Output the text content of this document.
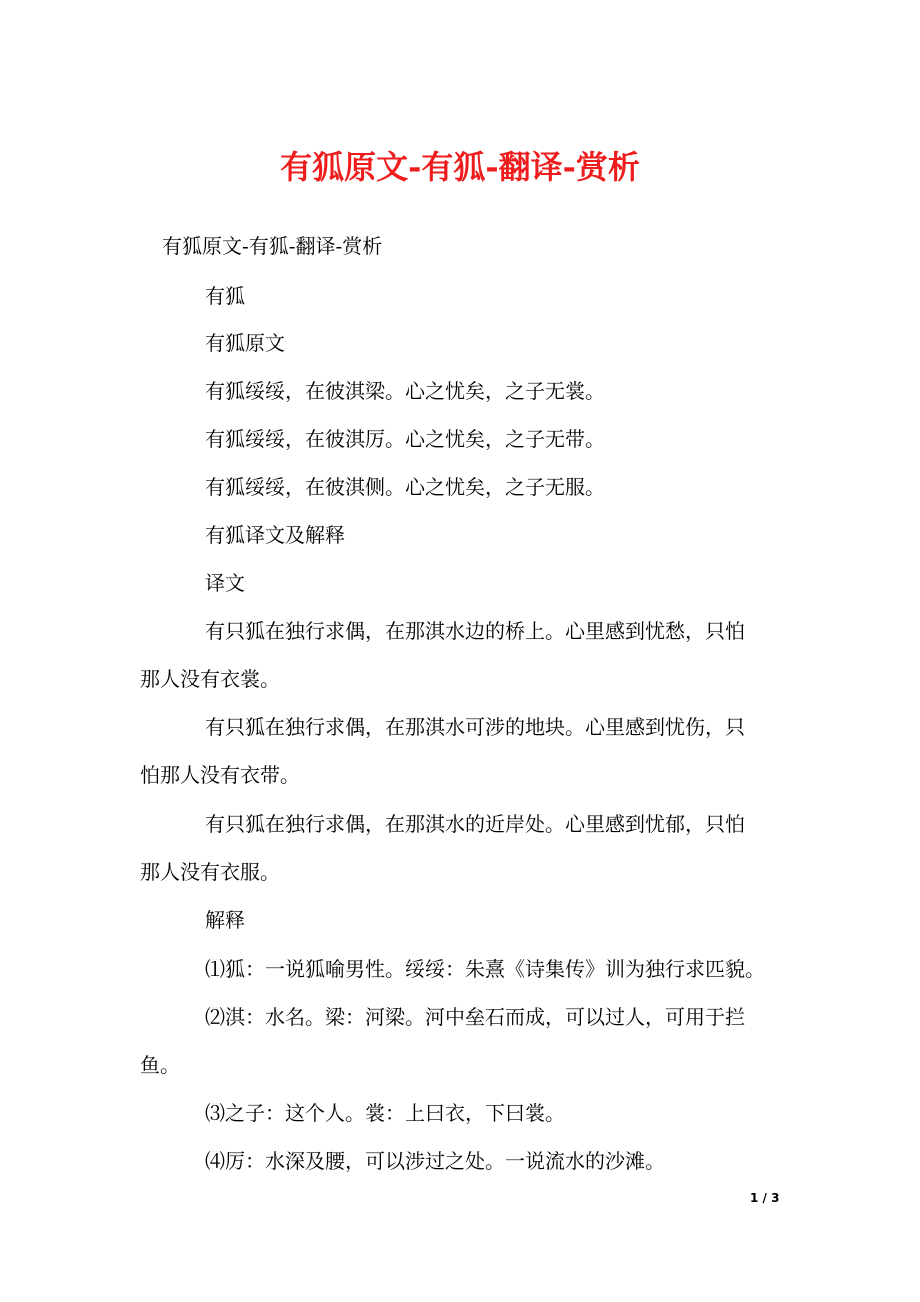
有狐原文-有狐-翻译-赏析
有狐原文-有狐-翻译-赏析
有狐
有狐原文
有狐绥绥，在彼淇梁。心之忧矣，之子无裳。
有狐绥绥，在彼淇厉。心之忧矣，之子无带。
有狐绥绥，在彼淇侧。心之忧矣，之子无服。
有狐译文及解释
译文
有只狐在独行求偶，在那淇水边的桥上。心里感到忧愁，只怕
那人没有衣裳。
有只狐在独行求偶，在那淇水可涉的地块。心里感到忧伤，只
怕那人没有衣带。
有只狐在独行求偶，在那淇水的近岸处。心里感到忧郁，只怕
那人没有衣服。
解释
⑴狐：一说狐喻男性。绥绥：朱熹《诗集传》训为独行求匹貌。
⑵淇：水名。梁：河梁。河中垒石而成，可以过人，可用于拦
鱼。
⑶之子：这个人。裳：上曰衣，下曰裳。
⑷厉：水深及腰，可以涉过之处。一说流水的沙滩。
1 / 3
